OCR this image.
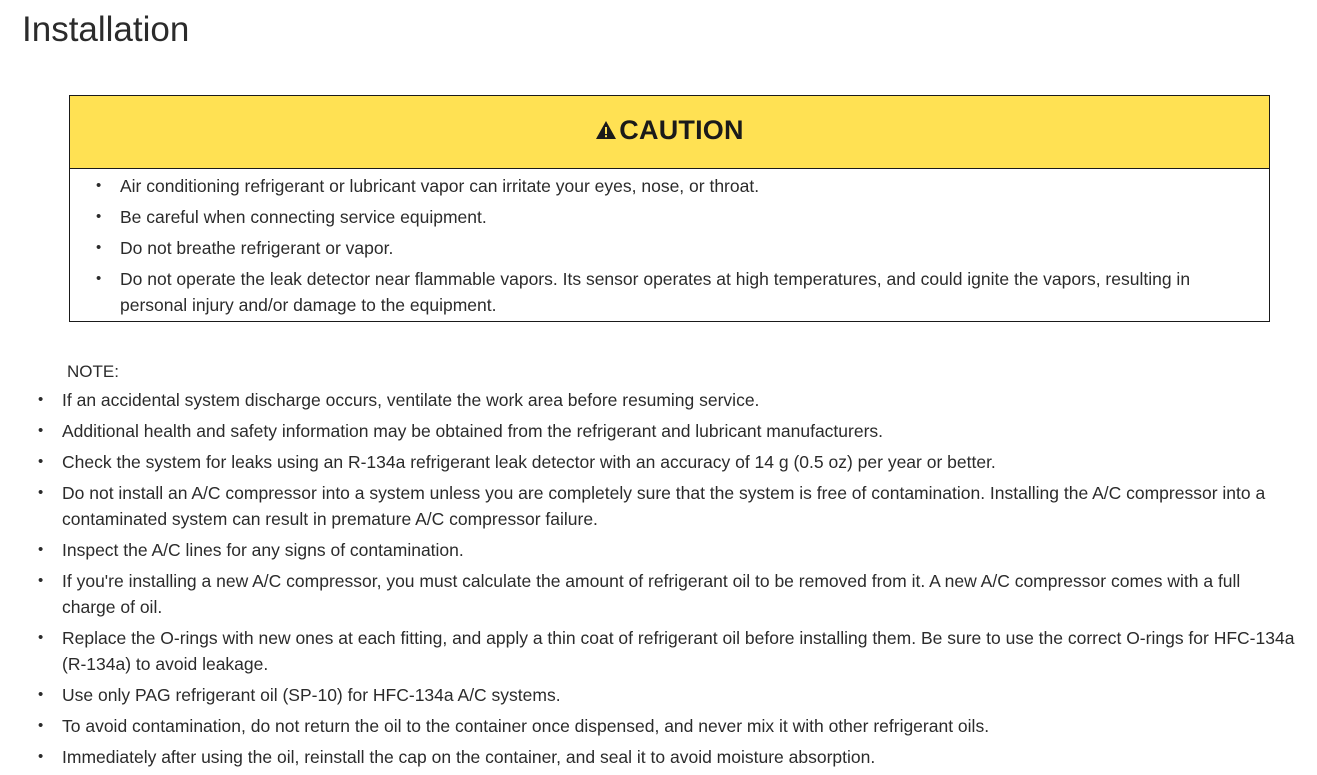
Installation
CAUTION
• Air conditioning refrigerant or lubricant vapor can irritate your eyes, nose, or throat.
• Be careful when connecting service equipment.
• Do not breathe refrigerant or vapor.
• Do not operate the leak detector near flammable vapors. Its sensor operates at high temperatures, and could ignite the vapors, resulting in personal injury and/or damage to the equipment.
NOTE:
• If an accidental system discharge occurs, ventilate the work area before resuming service.
• Additional health and safety information may be obtained from the refrigerant and lubricant manufacturers.
• Check the system for leaks using an R-134a refrigerant leak detector with an accuracy of 14 g (0.5 oz) per year or better.
• Do not install an A/C compressor into a system unless you are completely sure that the system is free of contamination. Installing the A/C compressor into a contaminated system can result in premature A/C compressor failure.
• Inspect the A/C lines for any signs of contamination.
• If you're installing a new A/C compressor, you must calculate the amount of refrigerant oil to be removed from it. A new A/C compressor comes with a full charge of oil.
• Replace the O-rings with new ones at each fitting, and apply a thin coat of refrigerant oil before installing them. Be sure to use the correct O-rings for HFC-134a (R-134a) to avoid leakage.
• Use only PAG refrigerant oil (SP-10) for HFC-134a A/C systems.
• To avoid contamination, do not return the oil to the container once dispensed, and never mix it with other refrigerant oils.
• Immediately after using the oil, reinstall the cap on the container, and seal it to avoid moisture absorption.
